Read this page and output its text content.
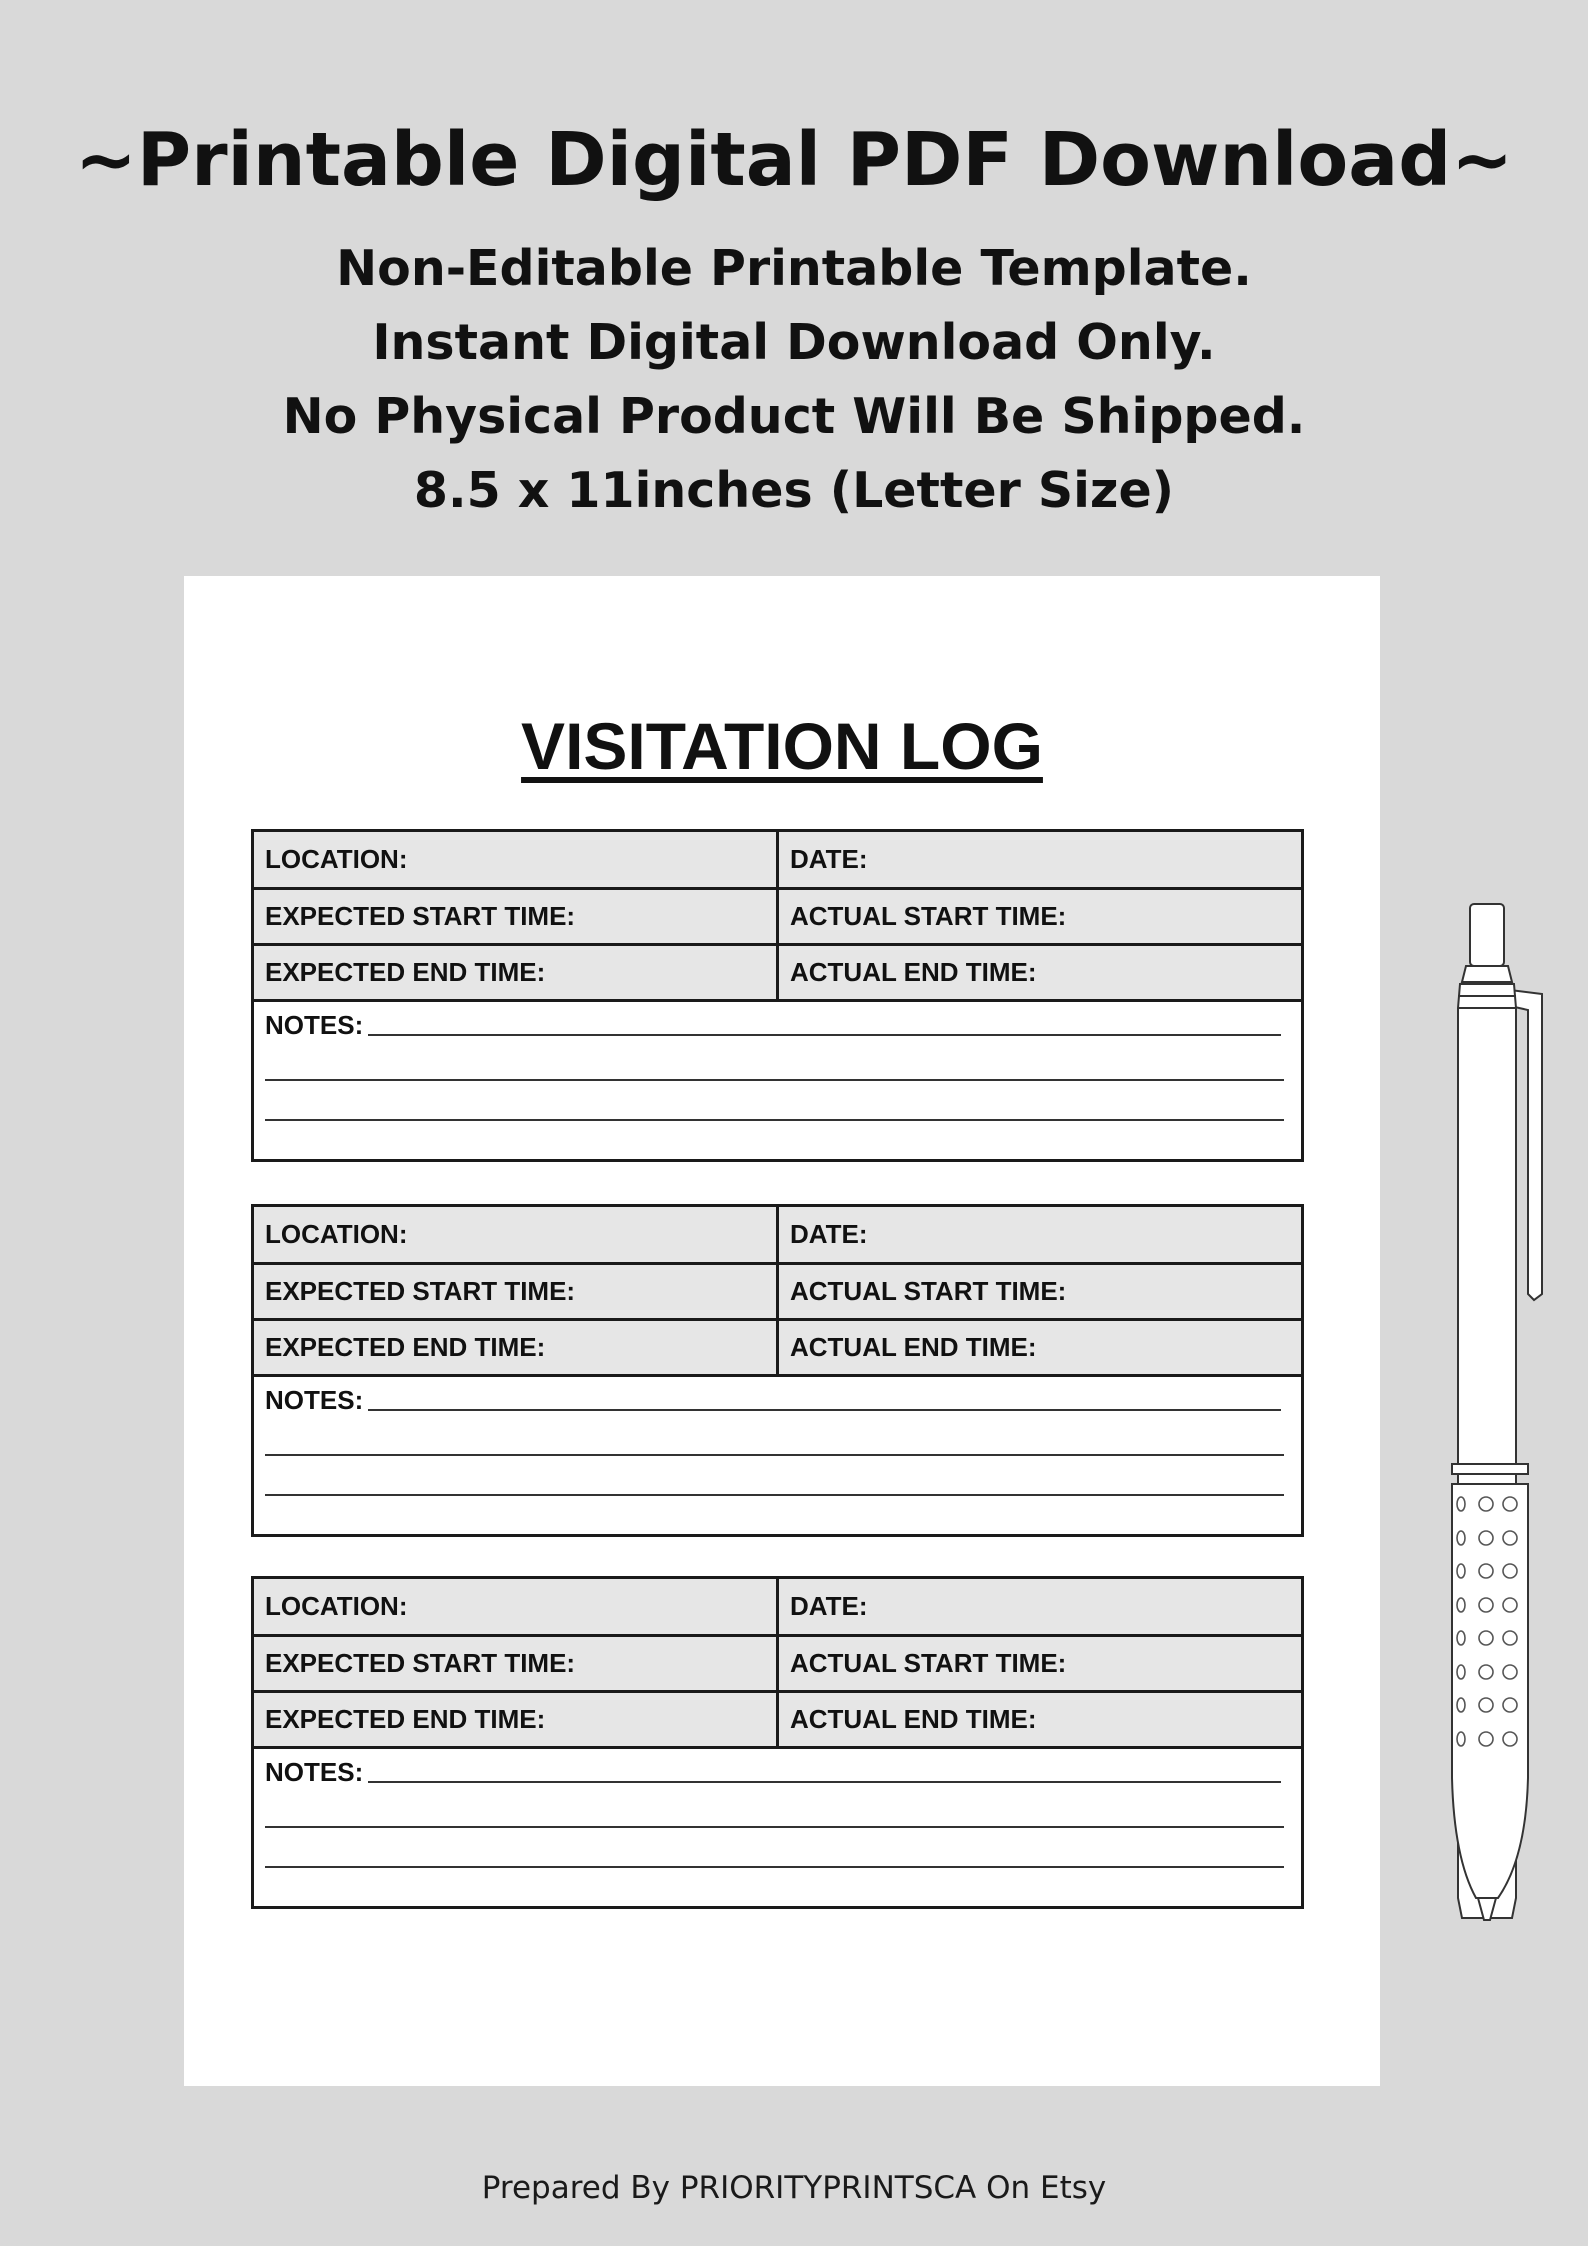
~Printable Digital PDF Download~
Non-Editable Printable Template.
Instant Digital Download Only.
No Physical Product Will Be Shipped.
8.5 x 11inches (Letter Size)
VISITATION LOG
LOCATION:	DATE:
EXPECTED START TIME:	ACTUAL START TIME:
EXPECTED END TIME:	ACTUAL END TIME:
NOTES:
LOCATION:	DATE:
EXPECTED START TIME:	ACTUAL START TIME:
EXPECTED END TIME:	ACTUAL END TIME:
NOTES:
LOCATION:	DATE:
EXPECTED START TIME:	ACTUAL START TIME:
EXPECTED END TIME:	ACTUAL END TIME:
NOTES:
Prepared By PRIORITYPRINTSCA On Etsy
